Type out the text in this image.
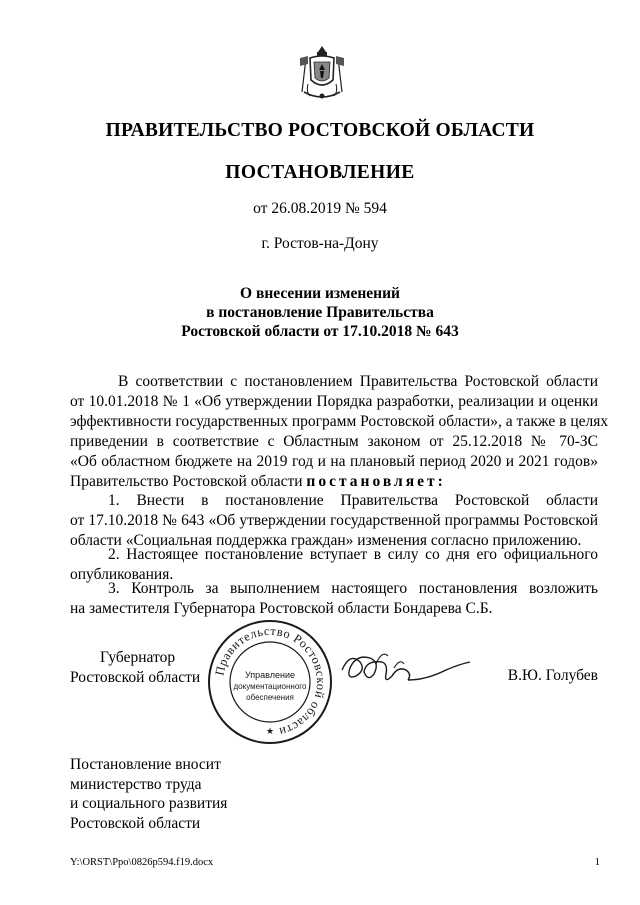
ПРАВИТЕЛЬСТВО РОСТОВСКОЙ ОБЛАСТИ
ПОСТАНОВЛЕНИЕ
от 26.08.2019 № 594
г. Ростов-на-Дону
О внесении изменений
в постановление Правительства
Ростовской области от 17.10.2018 № 643

В соответствии с постановлением Правительства Ростовской области

от 10.01.2018 № 1 «Об утверждении Порядка разработки, реализации и оценки

эффективности государственных программ Ростовской области», а также в целях

приведении в соответствие с Областным законом от 25.12.2018 № 70-ЗС

«Об областном бюджете на 2019 год и на плановый период 2020 и 2021 годов»

Правительство Ростовской области постановляет:

1. Внести в постановление Правительства Ростовской области

от 17.10.2018 № 643 «Об утверждении государственной программы Ростовской

области «Социальная поддержка граждан» изменения согласно приложению.

2. Настоящее постановление вступает в силу со дня его официального

опубликования.

3. Контроль за выполнением настоящего постановления возложить

на заместителя Губернатора Ростовской области Бондарева С.Б.

Губернатор
Ростовской области Правительство Ростовской области
Управление
документационного
обеспечения
★
В.Ю. Голубев
Постановление вносит
министерство труда
и социального развития
Ростовской области
Y:\ORST\Ppo\0826p594.f19.docx	1
